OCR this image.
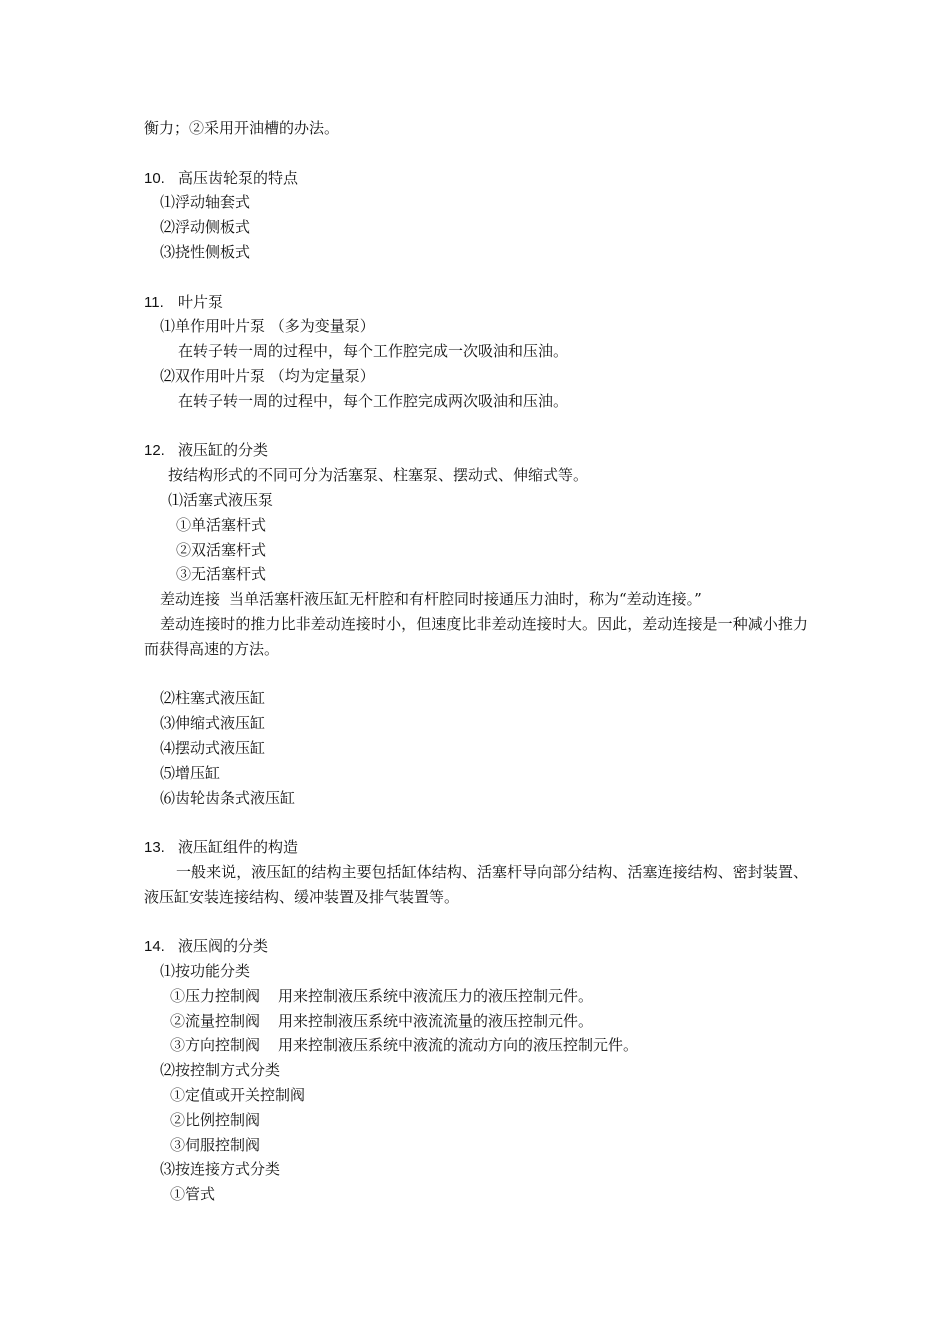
衡力；②采用开油槽的办法。
10. 高压齿轮泵的特点
⑴浮动轴套式
⑵浮动侧板式
⑶挠性侧板式
11. 叶片泵
⑴单作用叶片泵 （多为变量泵）
在转子转一周的过程中，每个工作腔完成一次吸油和压油。
⑵双作用叶片泵 （均为定量泵）
在转子转一周的过程中，每个工作腔完成两次吸油和压油。
12. 液压缸的分类
按结构形式的不同可分为活塞泵、柱塞泵、摆动式、伸缩式等。
⑴活塞式液压泵
①单活塞杆式
②双活塞杆式
③无活塞杆式
差动连接 当单活塞杆液压缸无杆腔和有杆腔同时接通压力油时，称为“差动连接。”
差动连接时的推力比非差动连接时小，但速度比非差动连接时大。因此，差动连接是一种减小推力而获得高速的方法。
⑵柱塞式液压缸
⑶伸缩式液压缸
⑷摆动式液压缸
⑸增压缸
⑹齿轮齿条式液压缸
13. 液压缸组件的构造
一般来说，液压缸的结构主要包括缸体结构、活塞杆导向部分结构、活塞连接结构、密封装置、液压缸安装连接结构、缓冲装置及排气装置等。
14. 液压阀的分类
⑴按功能分类
①压力控制阀 用来控制液压系统中液流压力的液压控制元件。
②流量控制阀 用来控制液压系统中液流流量的液压控制元件。
③方向控制阀 用来控制液压系统中液流的流动方向的液压控制元件。
⑵按控制方式分类
①定值或开关控制阀
②比例控制阀
③伺服控制阀
⑶按连接方式分类
①管式
